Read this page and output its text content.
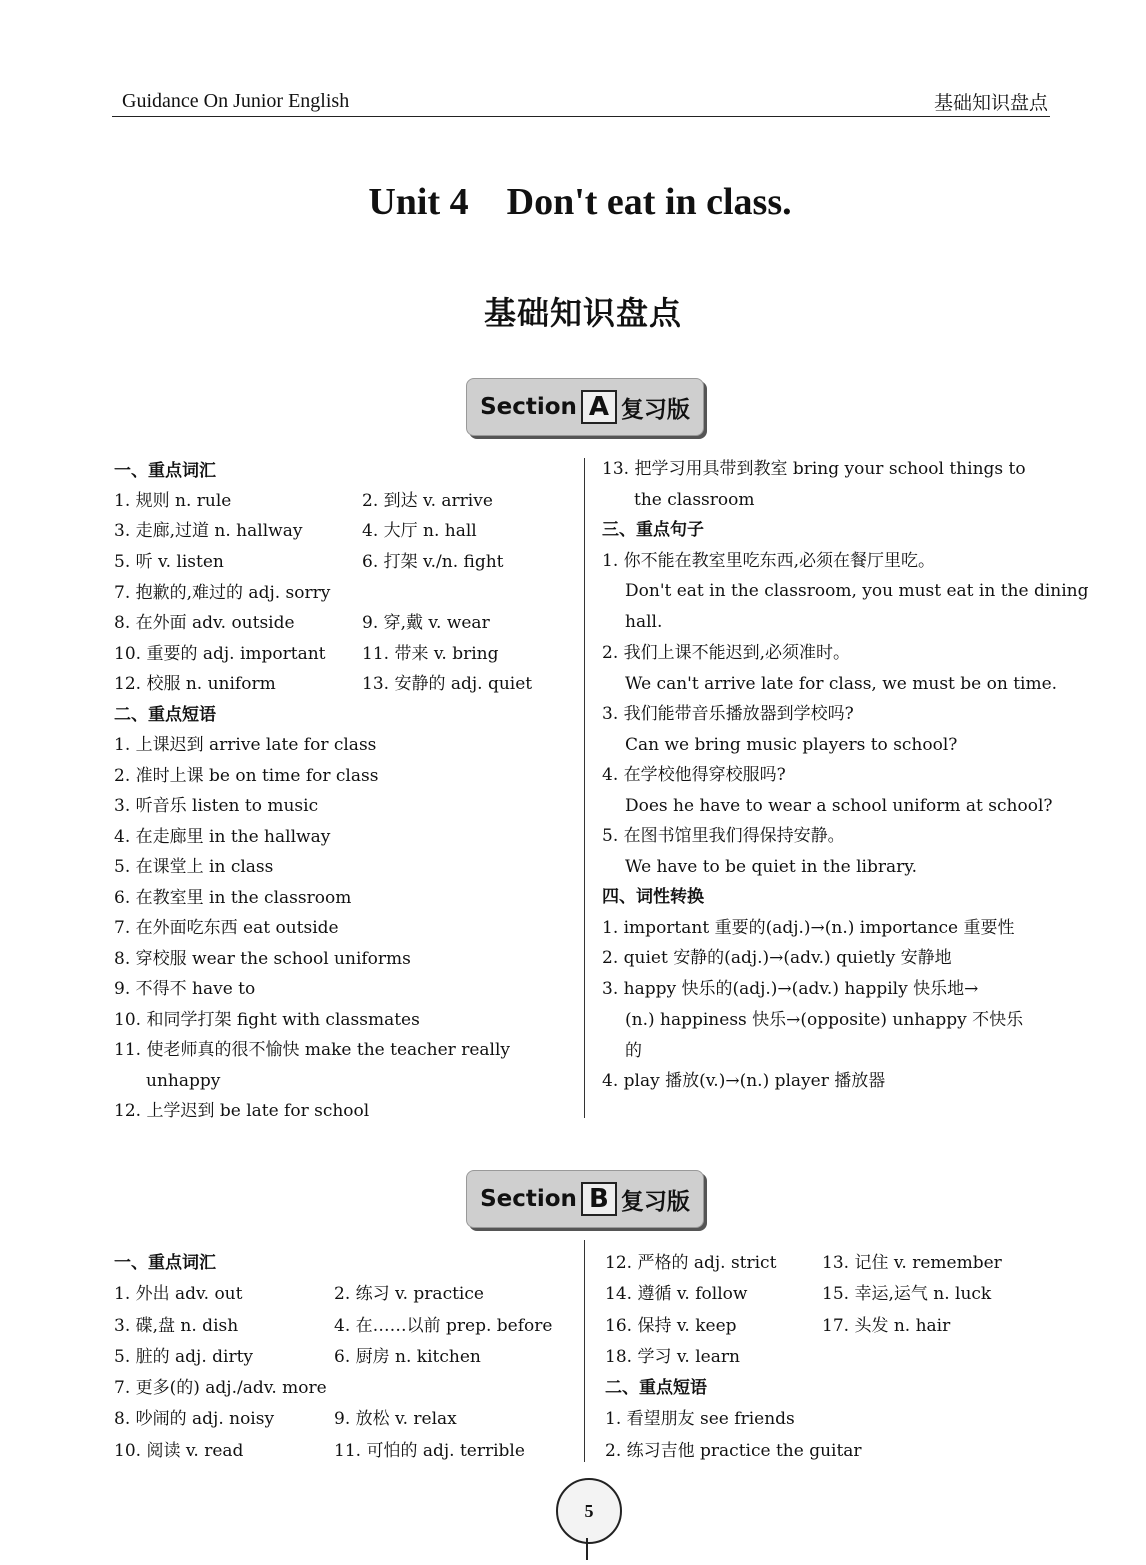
Guidance On Junior English	基础知识盘点
Unit 4　Don't eat in class.
基础知识盘点
Section A 复习版
一、重点词汇
1. 规则 n. rule	2. 到达 v. arrive
3. 走廊,过道 n. hallway	4. 大厅 n. hall
5. 听 v. listen	6. 打架 v./n. fight
7. 抱歉的,难过的 adj. sorry
8. 在外面 adv. outside	9. 穿,戴 v. wear
10. 重要的 adj. important 11. 带来 v. bring
12. 校服 n. uniform	13. 安静的 adj. quiet
二、重点短语
1. 上课迟到 arrive late for class
2. 准时上课 be on time for class
3. 听音乐 listen to music
4. 在走廊里 in the hallway
5. 在课堂上 in class
6. 在教室里 in the classroom
7. 在外面吃东西 eat outside
8. 穿校服 wear the school uniforms
9. 不得不 have to
10. 和同学打架 fight with classmates
11. 使老师真的很不愉快 make the teacher really
unhappy
12. 上学迟到 be late for school
13. 把学习用具带到教室 bring your school things to
the classroom
三、重点句子
1. 你不能在教室里吃东西,必须在餐厅里吃。
Don't eat in the classroom, you must eat in the dining
hall.
2. 我们上课不能迟到,必须准时。
We can't arrive late for class, we must be on time.
3. 我们能带音乐播放器到学校吗?
Can we bring music players to school?
4. 在学校他得穿校服吗?
Does he have to wear a school uniform at school?
5. 在图书馆里我们得保持安静。
We have to be quiet in the library.
四、词性转换
1. important 重要的(adj.)→(n.) importance 重要性
2. quiet 安静的(adj.)→(adv.) quietly 安静地
3. happy 快乐的(adj.)→(adv.) happily 快乐地→
(n.) happiness 快乐→(opposite) unhappy 不快乐
的
4. play 播放(v.)→(n.) player 播放器
Section B 复习版
一、重点词汇
1. 外出 adv. out	2. 练习 v. practice
3. 碟,盘 n. dish	4. 在……以前 prep. before
5. 脏的 adj. dirty	6. 厨房 n. kitchen
7. 更多(的) adj./adv. more
8. 吵闹的 adj. noisy	9. 放松 v. relax
10. 阅读 v. read	11. 可怕的 adj. terrible
12. 严格的 adj. strict	13. 记住 v. remember
14. 遵循 v. follow	15. 幸运,运气 n. luck
16. 保持 v. keep	17. 头发 n. hair
18. 学习 v. learn
二、重点短语
1. 看望朋友 see friends
2. 练习吉他 practice the guitar
5
